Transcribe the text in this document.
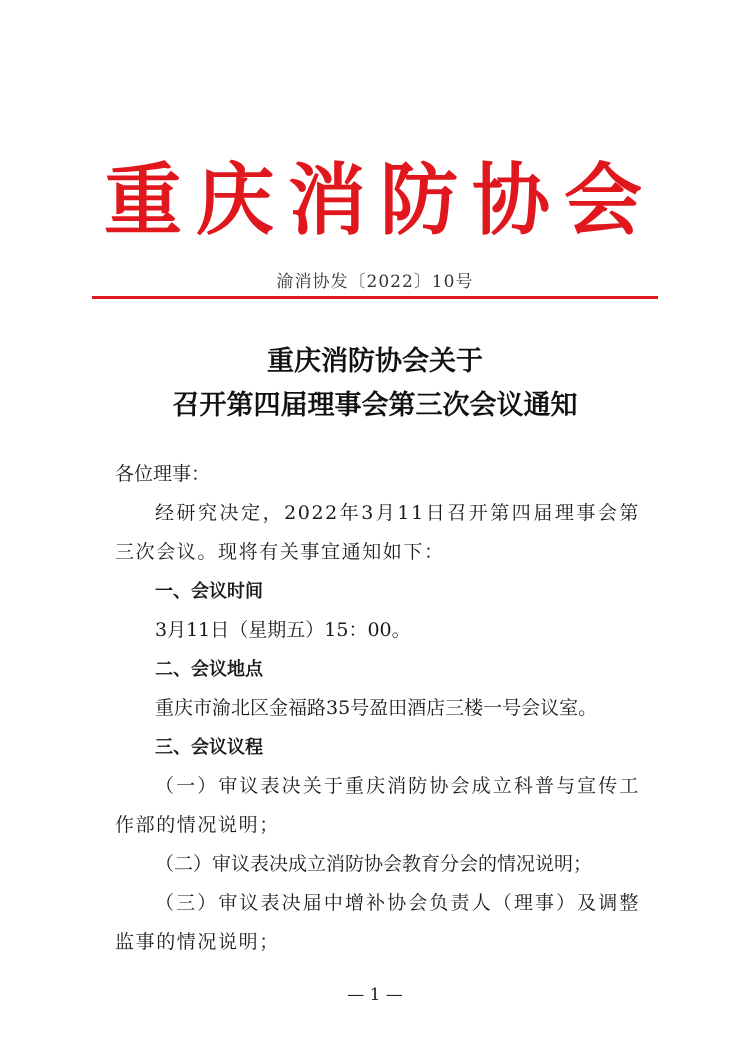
重庆消防协会
渝消协发〔2022〕10号
重庆消防协会关于
召开第四届理事会第三次会议通知

各位理事：

经研究决定，2022年3月11日召开第四届理事会第三次会议。现将有关事宜通知如下：

一、会议时间

3月11日（星期五）15：00。

二、会议地点

重庆市渝北区金福路35号盈田酒店三楼一号会议室。

三、会议议程

（一）审议表决关于重庆消防协会成立科普与宣传工作部的情况说明；

（二）审议表决成立消防协会教育分会的情况说明；

（三）审议表决届中增补协会负责人（理事）及调整监事的情况说明；

— 1 —
